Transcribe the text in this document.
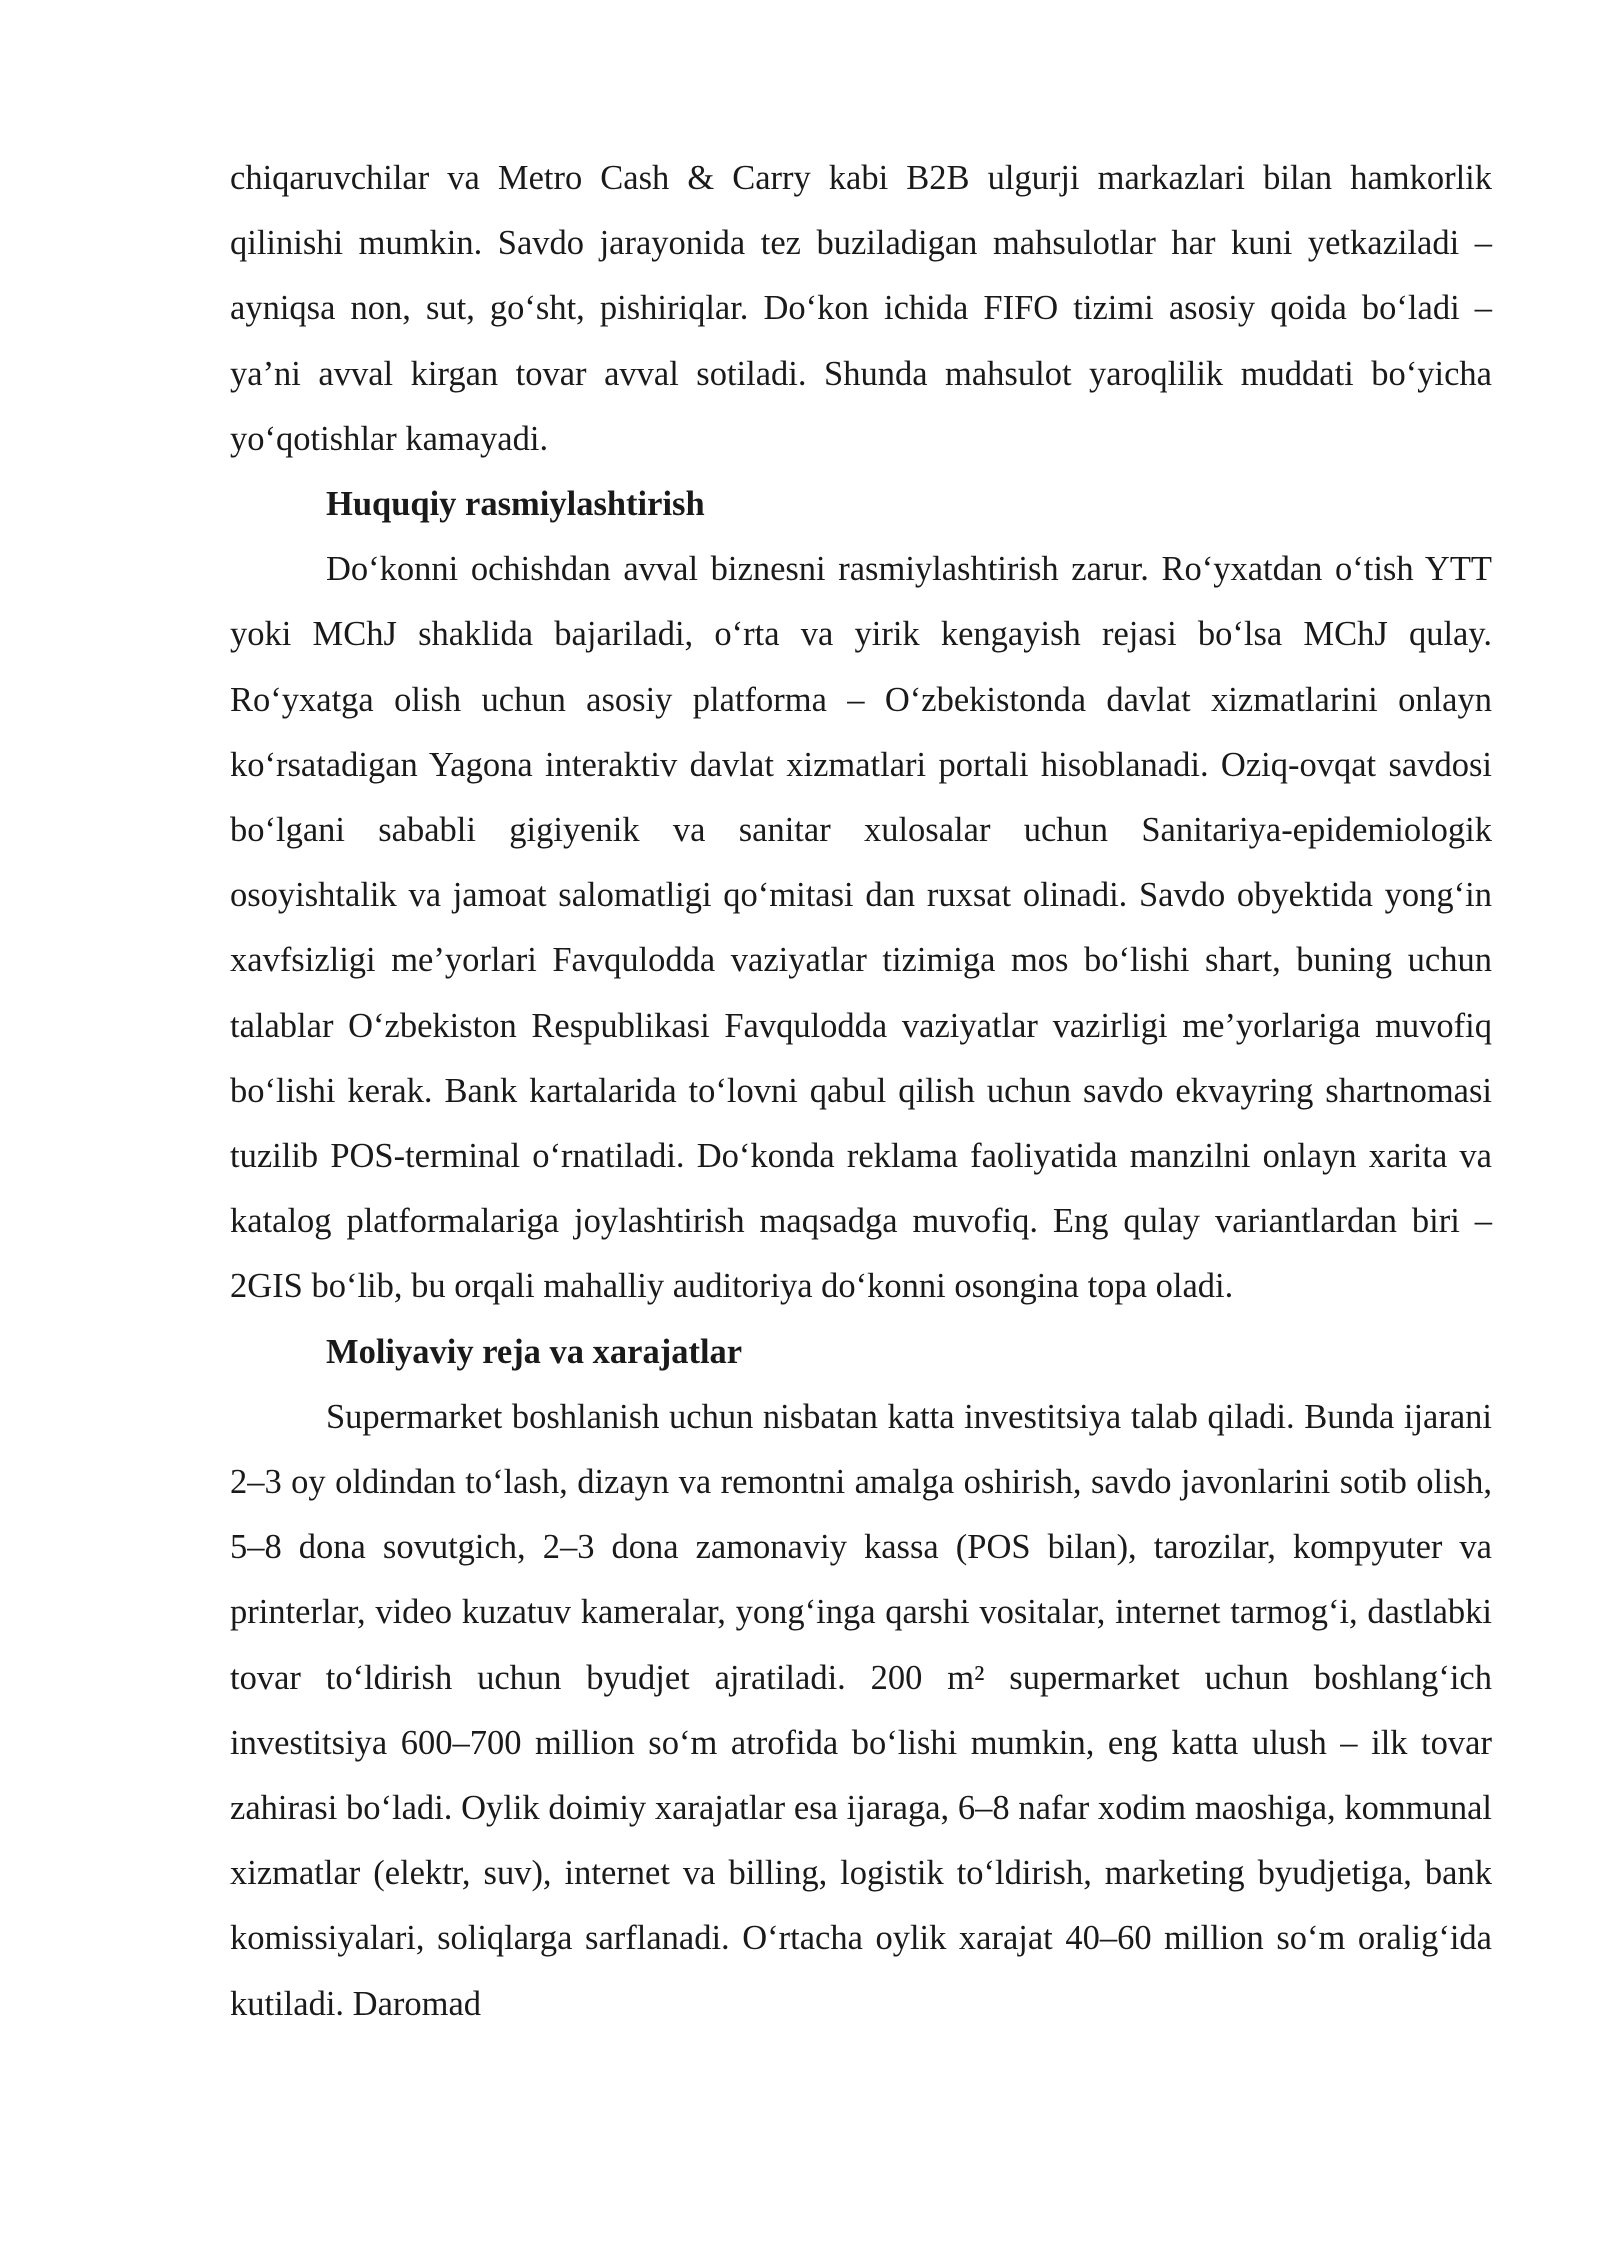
chiqaruvchilar va Metro Cash & Carry kabi B2B ulgurji markazlari bilan hamkorlik qilinishi mumkin. Savdo jarayonida tez buziladigan mahsulotlar har kuni yetkaziladi – ayniqsa non, sut, go‘sht, pishiriqlar. Do‘kon ichida FIFO tizimi asosiy qoida bo‘ladi – ya’ni avval kirgan tovar avval sotiladi. Shunda mahsulot yaroqlilik muddati bo‘yicha yo‘qotishlar kamayadi.

Huquqiy rasmiylashtirish

Do‘konni ochishdan avval biznesni rasmiylashtirish zarur. Ro‘yxatdan o‘tish YTT yoki MChJ shaklida bajariladi, o‘rta va yirik kengayish rejasi bo‘lsa MChJ qulay. Ro‘yxatga olish uchun asosiy platforma – O‘zbekistonda davlat xizmatlarini onlayn ko‘rsatadigan Yagona interaktiv davlat xizmatlari portali hisoblanadi. Oziq-ovqat savdosi bo‘lgani sababli gigiyenik va sanitar xulosalar uchun Sanitariya-epidemiologik osoyishtalik va jamoat salomatligi qo‘mitasi dan ruxsat olinadi. Savdo obyektida yong‘in xavfsizligi me’yorlari Favqulodda vaziyatlar tizimiga mos bo‘lishi shart, buning uchun talablar O‘zbekiston Respublikasi Favqulodda vaziyatlar vazirligi me’yorlariga muvofiq bo‘lishi kerak. Bank kartalarida to‘lovni qabul qilish uchun savdo ekvayring shartnomasi tuzilib POS-terminal o‘rnatiladi. Do‘konda reklama faoliyatida manzilni onlayn xarita va katalog platformalariga joylashtirish maqsadga muvofiq. Eng qulay variantlardan biri – 2GIS bo‘lib, bu orqali mahalliy auditoriya do‘konni osongina topa oladi.

Moliyaviy reja va xarajatlar

Supermarket boshlanish uchun nisbatan katta investitsiya talab qiladi. Bunda ijarani 2–3 oy oldindan to‘lash, dizayn va remontni amalga oshirish, savdo javonlarini sotib olish, 5–8 dona sovutgich, 2–3 dona zamonaviy kassa (POS bilan), tarozilar, kompyuter va printerlar, video kuzatuv kameralar, yong‘inga qarshi vositalar, internet tarmog‘i, dastlabki tovar to‘ldirish uchun byudjet ajratiladi. 200 m² supermarket uchun boshlang‘ich investitsiya 600–700 million so‘m atrofida bo‘lishi mumkin, eng katta ulush – ilk tovar zahirasi bo‘ladi. Oylik doimiy xarajatlar esa ijaraga, 6–8 nafar xodim maoshiga, kommunal xizmatlar (elektr, suv), internet va billing, logistik to‘ldirish, marketing byudjetiga, bank komissiyalari, soliqlarga sarflanadi. O‘rtacha oylik xarajat 40–60 million so‘m oralig‘ida kutiladi. Daromad
